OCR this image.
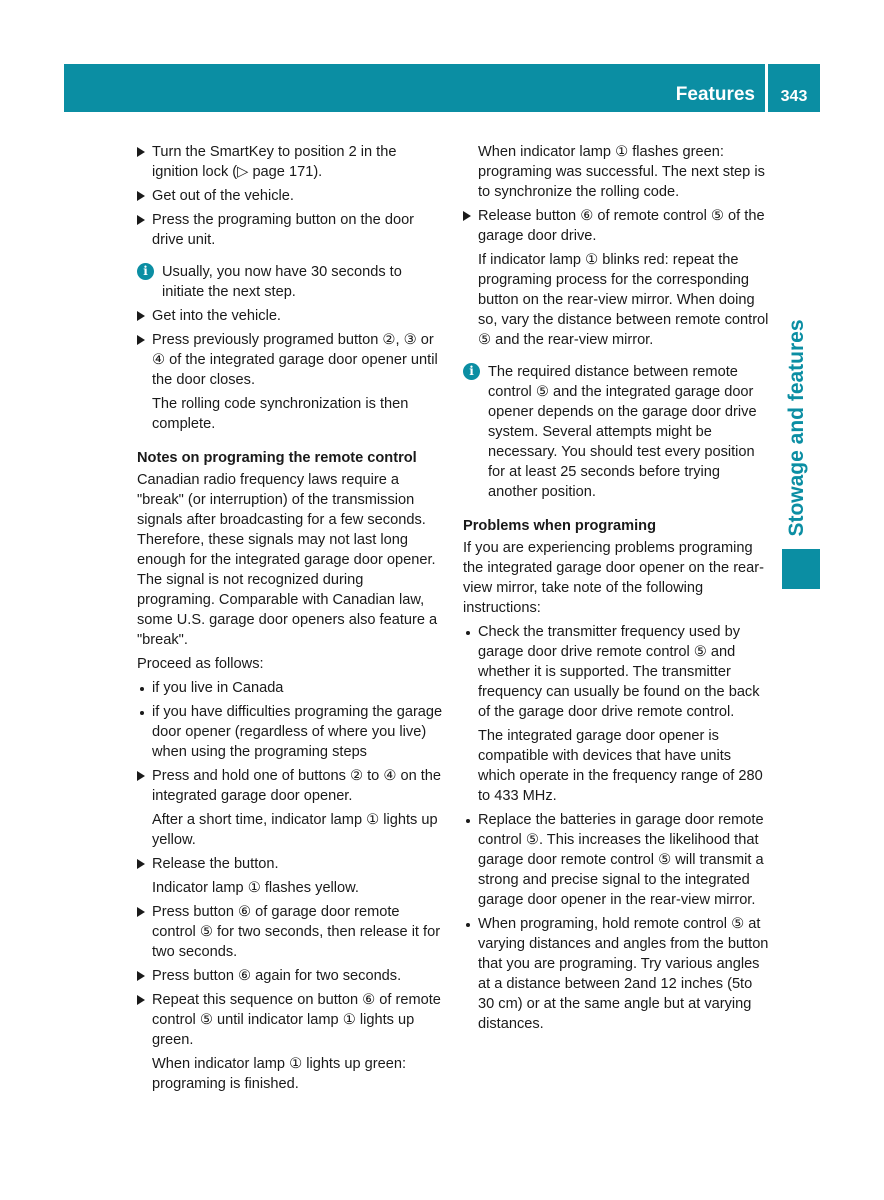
Features	343
Stowage and features
Turn the SmartKey to position 2 in the ignition lock (▷ page 171).
Get out of the vehicle.
Press the programing button on the door drive unit.
i Usually, you now have 30 seconds to initiate the next step.
Get into the vehicle.
Press previously programed button ②, ③ or ④ of the integrated garage door opener until the door closes.
The rolling code synchronization is then complete.
Notes on programing the remote control
Canadian radio frequency laws require a "break" (or interruption) of the transmission signals after broadcasting for a few seconds. Therefore, these signals may not last long enough for the integrated garage door opener. The signal is not recognized during programing. Comparable with Canadian law, some U.S. garage door openers also feature a "break".
Proceed as follows:
if you live in Canada
if you have difficulties programing the garage door opener (regardless of where you live) when using the programing steps
Press and hold one of buttons ② to ④ on the integrated garage door opener.
After a short time, indicator lamp ① lights up yellow.
Release the button.
Indicator lamp ① flashes yellow.
Press button ⑥ of garage door remote control ⑤ for two seconds, then release it for two seconds.
Press button ⑥ again for two seconds.
Repeat this sequence on button ⑥ of remote control ⑤ until indicator lamp ① lights up green.
When indicator lamp ① lights up green: programing is finished.
When indicator lamp ① flashes green: programing was successful. The next step is to synchronize the rolling code.
Release button ⑥ of remote control ⑤ of the garage door drive.
If indicator lamp ① blinks red: repeat the programing process for the corresponding button on the rear-view mirror. When doing so, vary the distance between remote control ⑤ and the rear-view mirror.
i The required distance between remote control ⑤ and the integrated garage door opener depends on the garage door drive system. Several attempts might be necessary. You should test every position for at least 25 seconds before trying another position.
Problems when programing
If you are experiencing problems programing the integrated garage door opener on the rear-view mirror, take note of the following instructions:
Check the transmitter frequency used by garage door drive remote control ⑤ and whether it is supported. The transmitter frequency can usually be found on the back of the garage door drive remote control.
The integrated garage door opener is compatible with devices that have units which operate in the frequency range of 280 to 433 MHz.
Replace the batteries in garage door remote control ⑤. This increases the likelihood that garage door remote control ⑤ will transmit a strong and precise signal to the integrated garage door opener in the rear-view mirror.
When programing, hold remote control ⑤ at varying distances and angles from the button that you are programing. Try various angles at a distance between 2and 12 inches (5to 30 cm) or at the same angle but at varying distances.
